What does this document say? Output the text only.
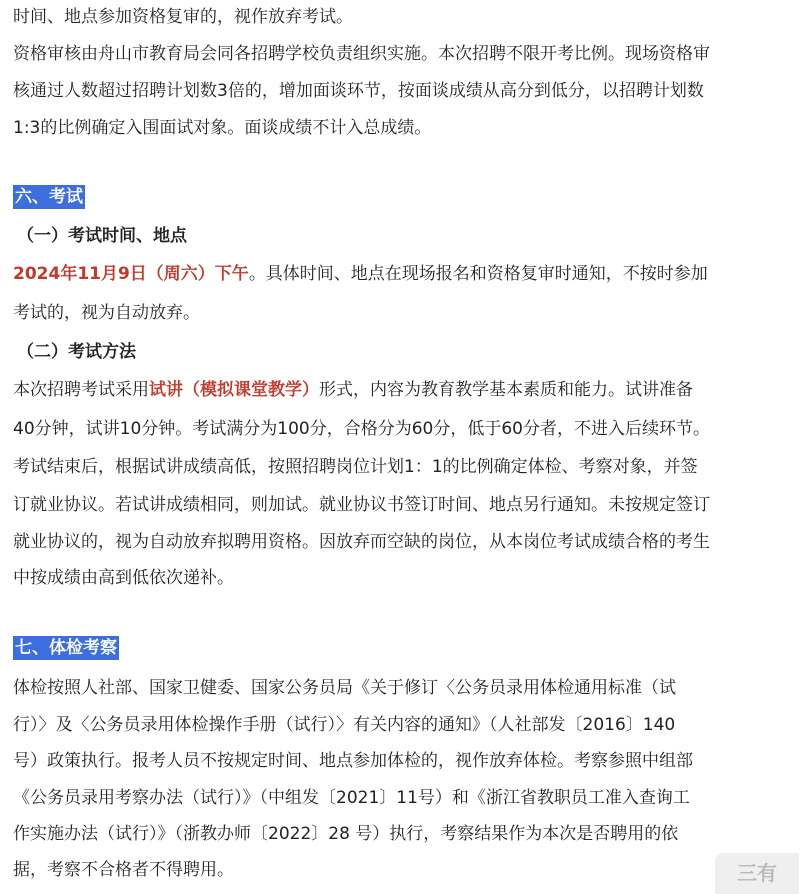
时间、地点参加资格复审的，视作放弃考试。
资格审核由舟山市教育局会同各招聘学校负责组织实施。本次招聘不限开考比例。现场资格审
核通过人数超过招聘计划数3倍的，增加面谈环节，按面谈成绩从高分到低分，以招聘计划数
1:3的比例确定入围面试对象。面谈成绩不计入总成绩。
六、考试
（一）考试时间、地点
2024年11月9日（周六）下午。具体时间、地点在现场报名和资格复审时通知，不按时参加
考试的，视为自动放弃。
（二）考试方法
本次招聘考试采用试讲（模拟课堂教学）形式，内容为教育教学基本素质和能力。试讲准备
40分钟，试讲10分钟。考试满分为100分，合格分为60分，低于60分者，不进入后续环节。
考试结束后，根据试讲成绩高低，按照招聘岗位计划1：1的比例确定体检、考察对象，并签
订就业协议。若试讲成绩相同，则加试。就业协议书签订时间、地点另行通知。未按规定签订
就业协议的，视为自动放弃拟聘用资格。因放弃而空缺的岗位，从本岗位考试成绩合格的考生
中按成绩由高到低依次递补。
七、体检考察
体检按照人社部、国家卫健委、国家公务员局《关于修订〈公务员录用体检通用标准（试
行）〉及〈公务员录用体检操作手册（试行）〉有关内容的通知》（人社部发〔2016〕140
号）政策执行。报考人员不按规定时间、地点参加体检的，视作放弃体检。考察参照中组部
《公务员录用考察办法（试行）》（中组发〔2021〕11号）和《浙江省教职员工准入查询工
作实施办法（试行）》（浙教办师〔2022〕28 号）执行，考察结果作为本次是否聘用的依
据，考察不合格者不得聘用。	三有
